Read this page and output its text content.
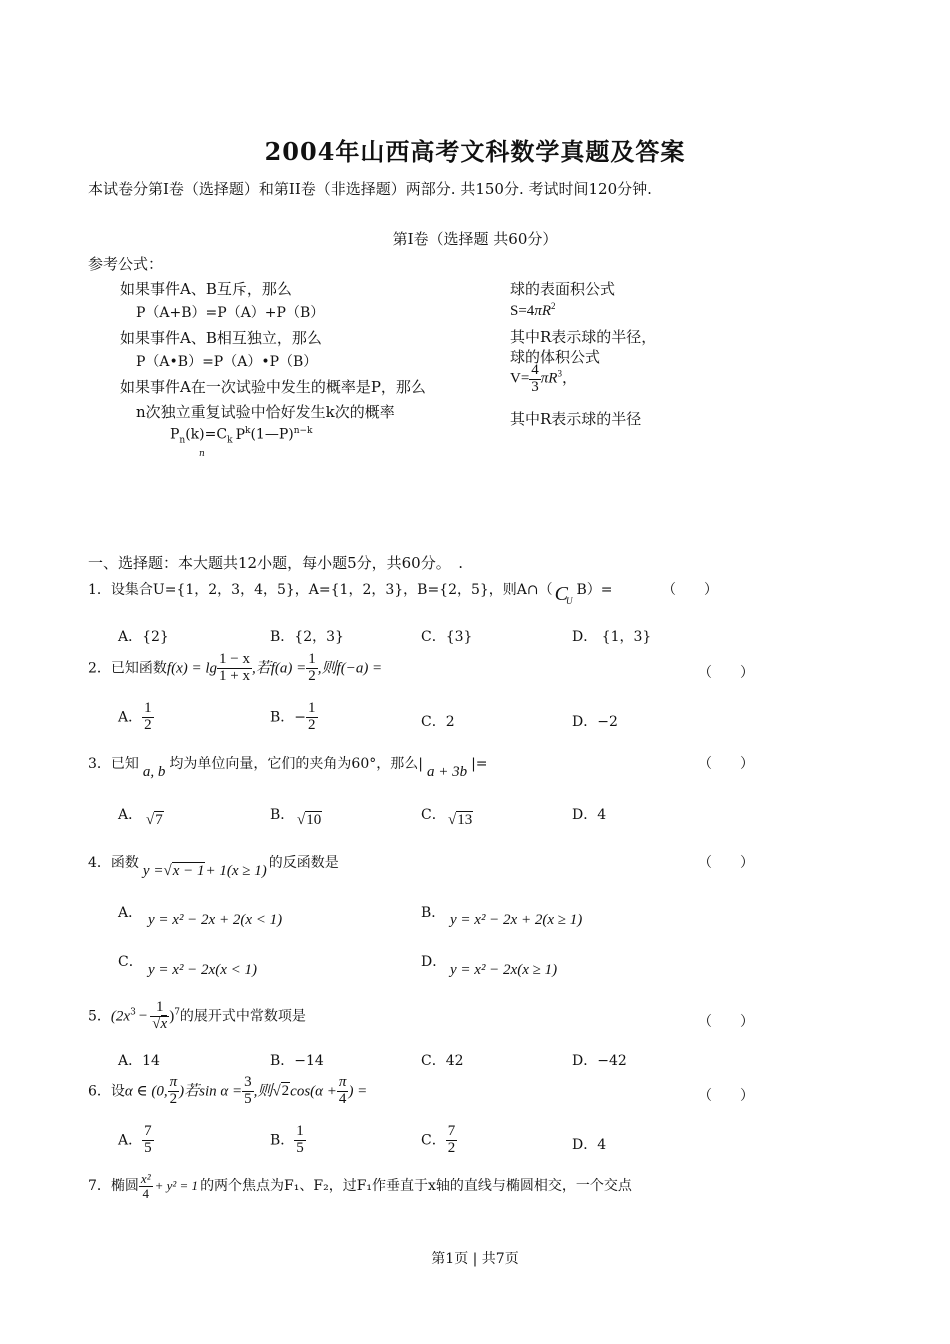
2004年山西高考文科数学真题及答案
本试卷分第Ⅰ卷（选择题）和第II卷（非选择题）两部分. 共150分. 考试时间120分钟.
第Ⅰ卷（选择题 共60分）
参考公式：
如果事件A、B互斥，那么
P（A+B）=P（A）+P（B）
如果事件A、B相互独立，那么
P（A•B）=P（A）•P（B）
如果事件A在一次试验中发生的概率是P，那么
n次独立重复试验中恰好发生k次的概率
$P_n(k)=C_k$ $P^k(1—P)^{n-k}$
n
球的表面积公式
$S=4\pi R^2$
其中R表示球的半径，
球的体积公式
$V= \frac{4}{3} \pi R^3$，
其中R表示球的半径
一、选择题：本大题共12小题，每小题5分，共60分。　.
1．设集合U={1，2，3，4，5}，A={1，2，3}，B={2，5}，则A∩（ $C_UB)=$	（　　）
A．{2}	B．{2，3}	C．{3}	D． {1，3}
2．已知函数$f(x) = \lg \frac{1 - x}{1 + x}$ ,若$f(a) = \frac{1}{2}$ ,则f(−a) =	（　　）
A． $\frac{1}{2}$	B．− $\frac{1}{2}$	C．2	D．−2
3．已知 a, b 均为单位向量，它们的夹角为60°，那么| a + 3b |=	（　　）
A． √7	B． √10	C． √13	D．4
4．函数 y =√x − 1+ 1(x ≥ 1) 的反函数是	（　　）
A． y = x² − 2x + 2(x < 1)	B． y = x² − 2x + 2(x ≥ 1)
C． y = x² − 2x(x < 1)	D． y = x² − 2x(x ≥ 1)
5．$(2x^3 - \frac{1}{√x} )^7$的展开式中常数项是	（　　）
A．14	B．−14	C．42	D．−42
6．设α ∈ (0, $\frac{\pi}{2}$ )若$\sin \alpha = \frac{3}{5}$ ,则$√2\cos(\alpha + \frac{\pi}{4}$ ) =	（　　）
A． $\frac{7}{5}$	B． $\frac{1}{5}$	C． $\frac{7}{2}$	D．4
7．椭圆 $\frac{\text{x²}}{4} + y^2 = 1$ 的两个焦点为F₁、F₂，过F₁作垂直于x轴的直线与椭圆相交，一个交点
第1页 | 共7页
